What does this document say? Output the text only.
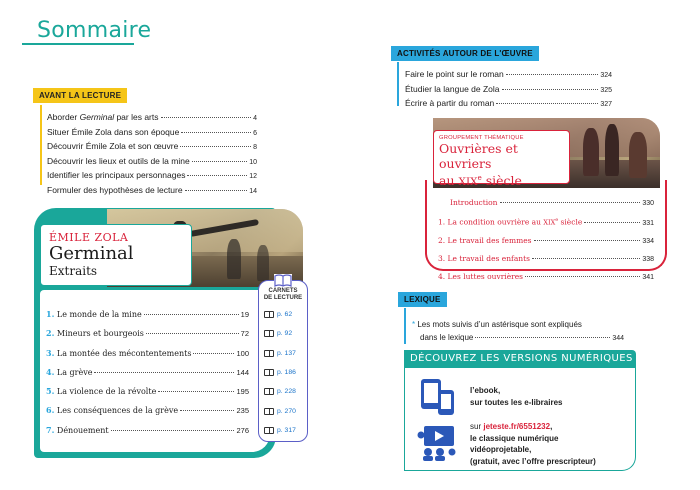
Sommaire
AVANT LA LECTURE
Aborder Germinal par les arts	4
Situer Émile Zola dans son époque	6
Découvrir Émile Zola et son œuvre	8
Découvrir les lieux et outils de la mine	10
Identifier les principaux personnages	12
Formuler des hypothèses de lecture	14
ÉMILE ZOLA
Germinal
Extraits
1. Le monde de la mine	19
2. Mineurs et bourgeois	72
3. La montée des mécontentements	100
4. La grève	144
5. La violence de la révolte	195
6. Les conséquences de la grève	235
7. Dénouement	276
CARNETS
DE LECTURE
p. 62
p. 92
p. 137
p. 186
p. 228
p. 270
p. 317
ACTIVITÉS AUTOUR DE L'ŒUVRE
Faire le point sur le roman	324
Étudier la langue de Zola	325
Écrire à partir du roman	327
GROUPEMENT THÉMATIQUE
Ouvrières et ouvriers
au XIXe siècle
Introduction	330
1. La condition ouvrière au XIXe siècle	331
2. Le travail des femmes	334
3. Le travail des enfants	338
4. Les luttes ouvrières	341
LEXIQUE
* Les mots suivis d’un astérisque sont expliqués
dans le lexique	344
DÉCOUVREZ LES VERSIONS NUMÉRIQUES
l’ebook,
sur toutes les e-libraires
sur jeteste.fr/6551232,
le classique numérique
vidéoprojetable,
(gratuit, avec l’offre prescripteur)
